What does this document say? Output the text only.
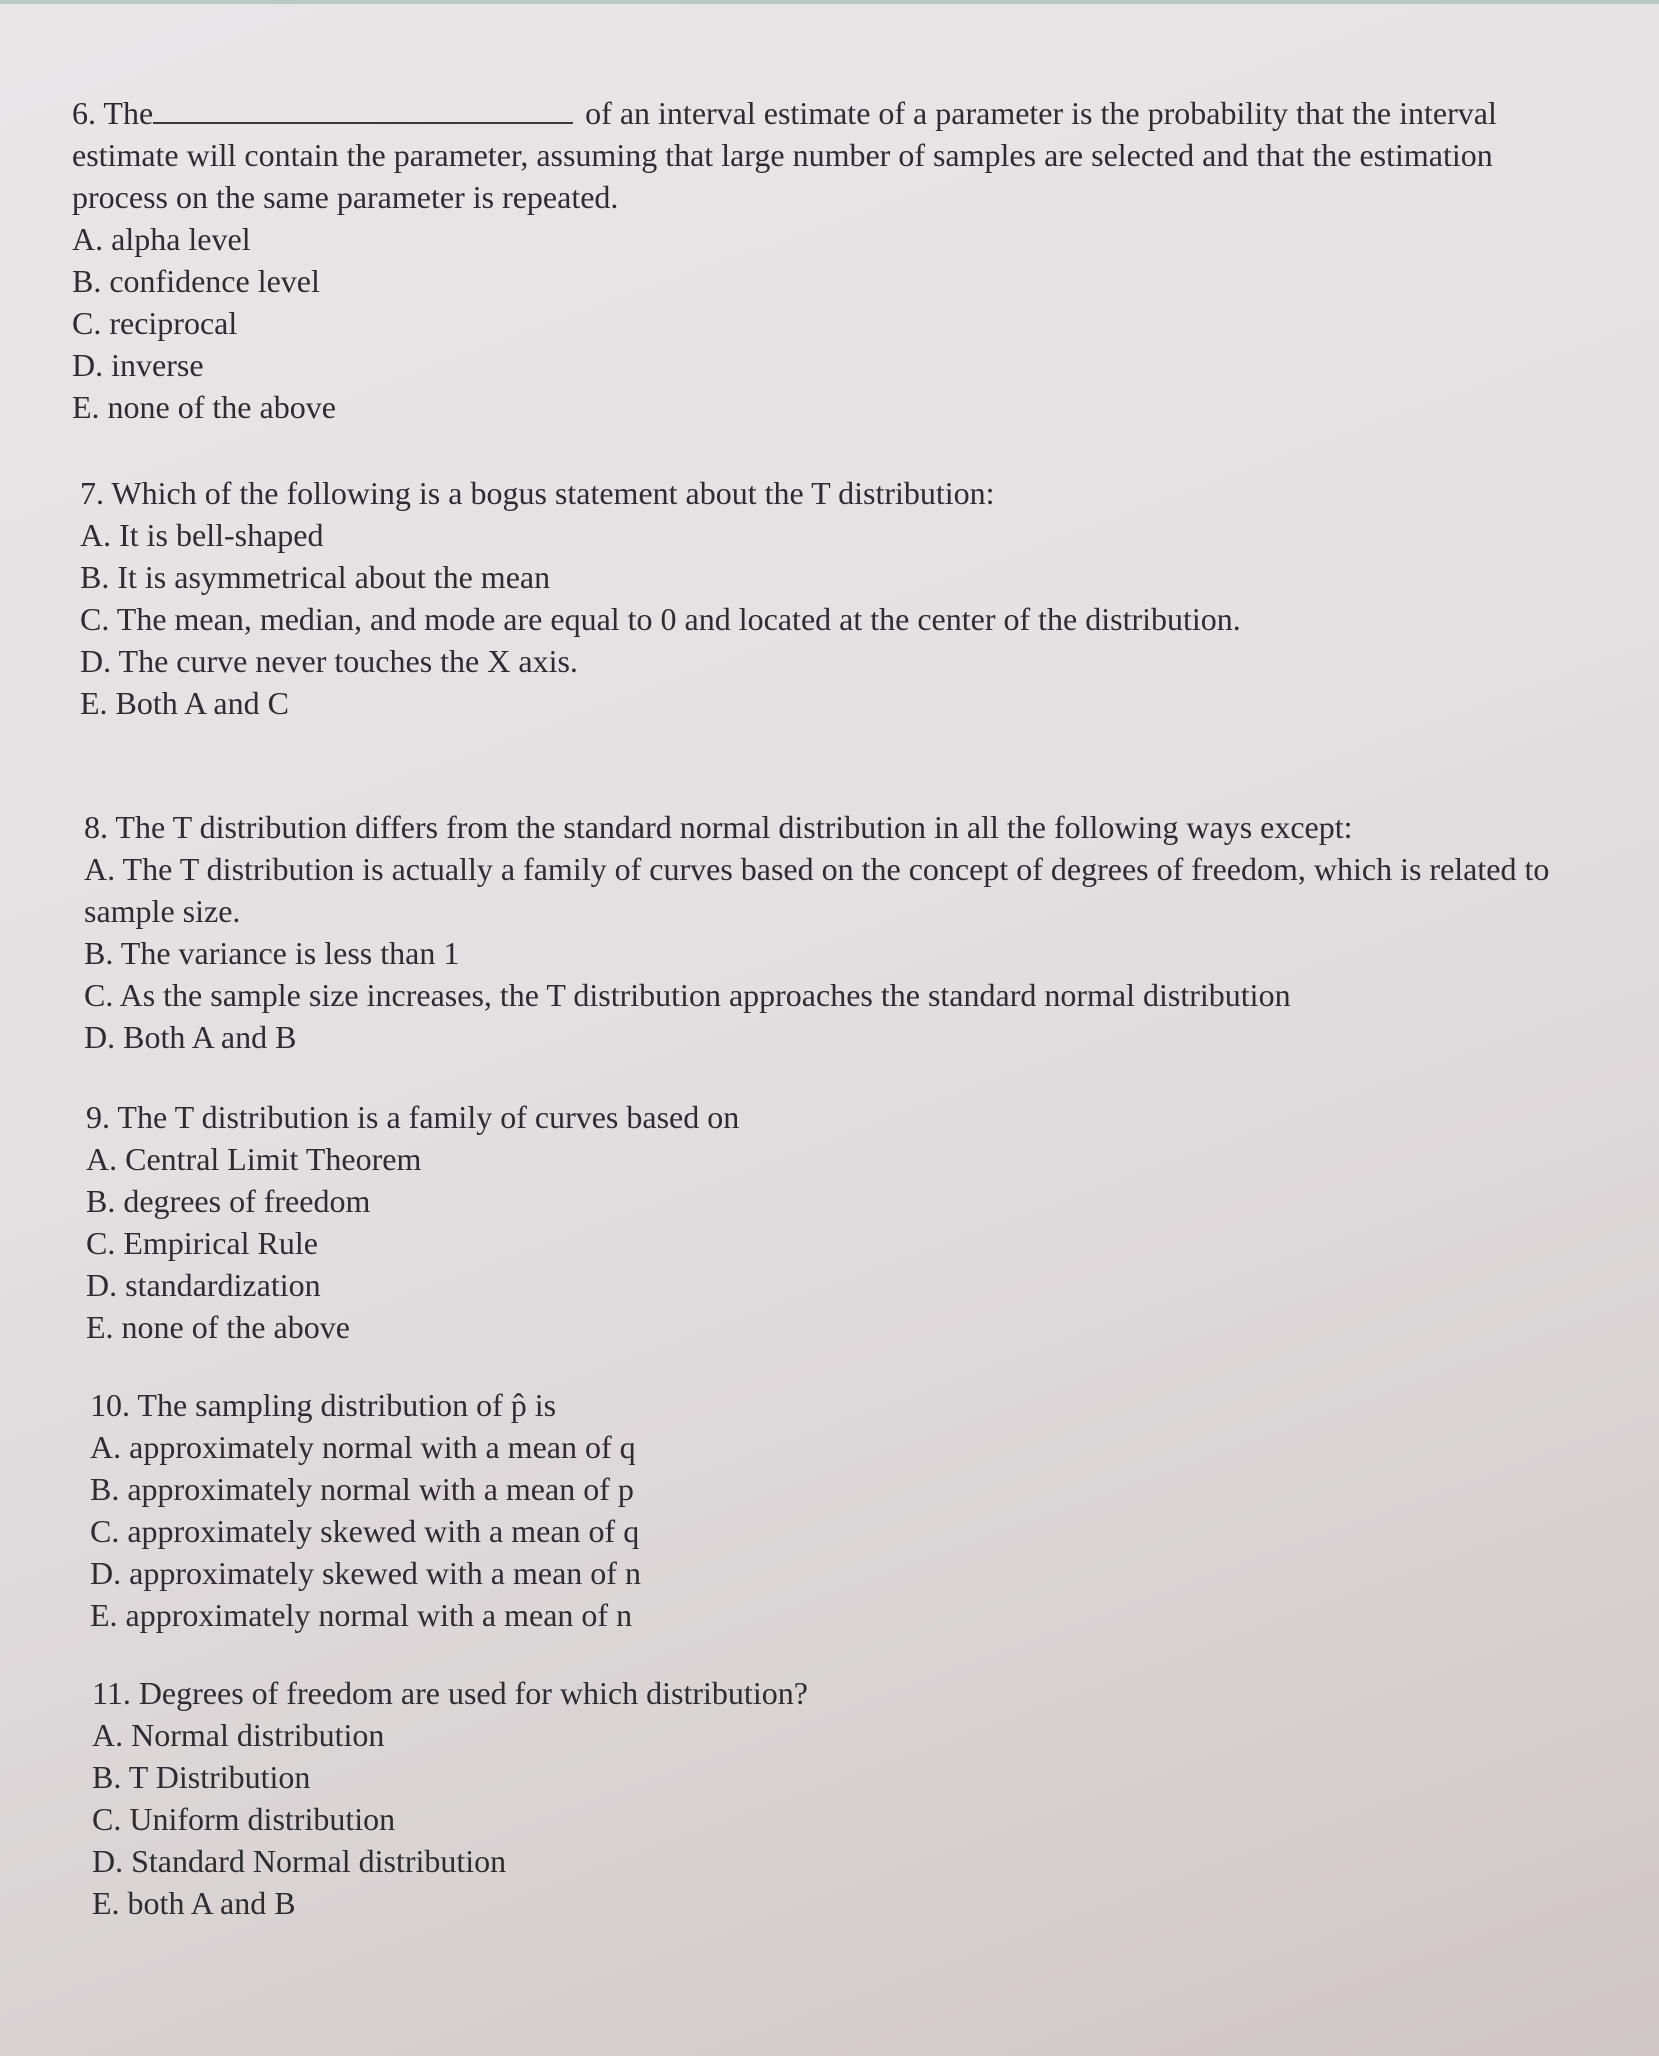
6. The	of an interval estimate of a parameter is the probability that the interval estimate will contain the parameter, assuming that large number of samples are selected and that the estimation process on the same parameter is repeated.

A. alpha level

B. confidence level

C. reciprocal

D. inverse

E. none of the above

7. Which of the following is a bogus statement about the T distribution:

A. It is bell-shaped

B. It is asymmetrical about the mean

C. The mean, median, and mode are equal to 0 and located at the center of the distribution.

D. The curve never touches the X axis.

E. Both A and C

8. The T distribution differs from the standard normal distribution in all the following ways except:

A. The T distribution is actually a family of curves based on the concept of degrees of freedom, which is related to sample size.

B. The variance is less than 1

C. As the sample size increases, the T distribution approaches the standard normal distribution

D. Both A and B

9. The T distribution is a family of curves based on

A. Central Limit Theorem

B. degrees of freedom

C. Empirical Rule

D. standardization

E. none of the above

10. The sampling distribution of p̂ is

A. approximately normal with a mean of q

B. approximately normal with a mean of p

C. approximately skewed with a mean of q

D. approximately skewed with a mean of n

E. approximately normal with a mean of n

11. Degrees of freedom are used for which distribution?

A. Normal distribution

B. T Distribution

C. Uniform distribution

D. Standard Normal distribution

E. both A and B
